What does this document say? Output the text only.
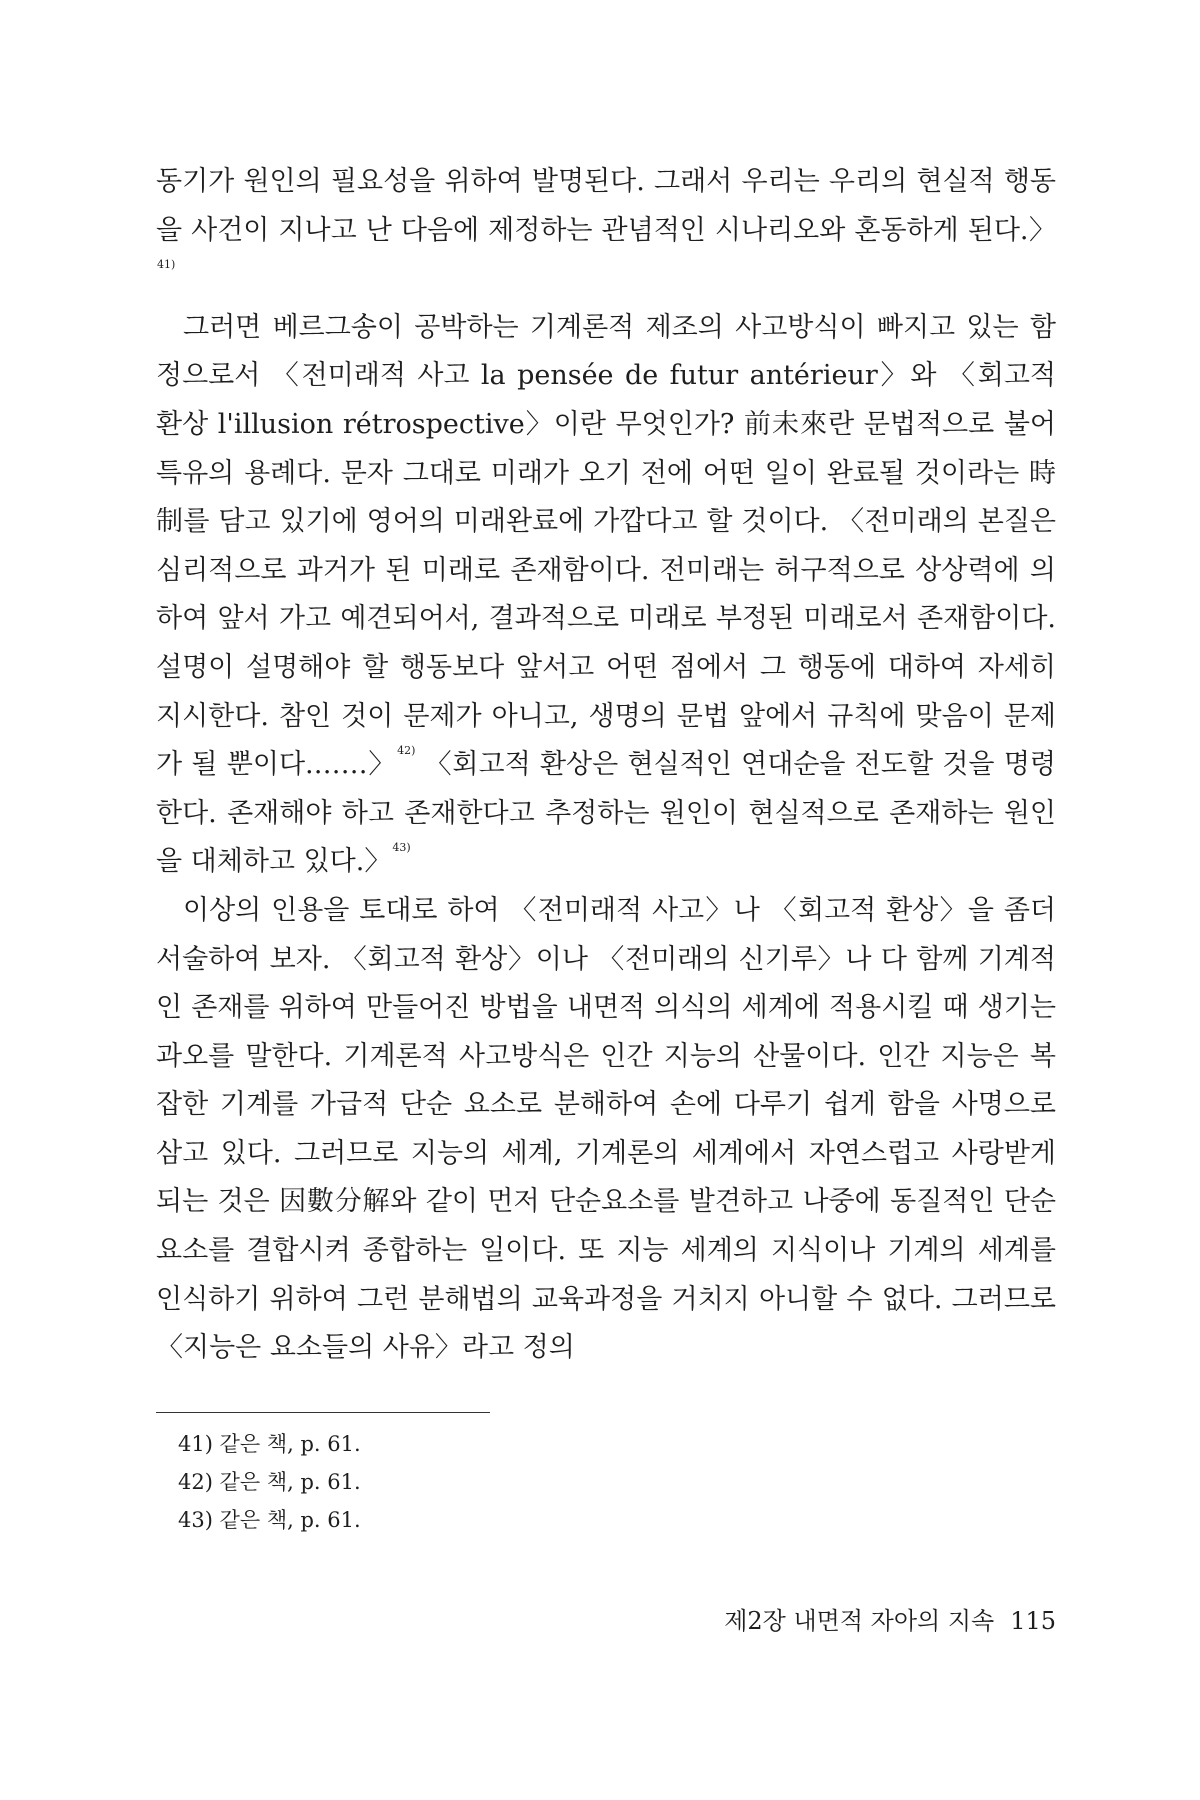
동기가 원인의 필요성을 위하여 발명된다. 그래서 우리는 우리의 현실적 행동을 사건이 지나고 난 다음에 제정하는 관념적인 시나리오와 혼동하게 된다.〉$^{41)}$

그러면 베르그송이 공박하는 기계론적 제조의 사고방식이 빠지고 있는 함정으로서 〈전미래적 사고 la pensée de futur antérieur〉와 〈회고적 환상 l'illusion rétrospective〉이란 무엇인가? 前未來란 문법적으로 불어 특유의 용례다. 문자 그대로 미래가 오기 전에 어떤 일이 완료될 것이라는 時制를 담고 있기에 영어의 미래완료에 가깝다고 할 것이다. 〈전미래의 본질은 심리적으로 과거가 된 미래로 존재함이다. 전미래는 허구적으로 상상력에 의하여 앞서 가고 예견되어서, 결과적으로 미래로 부정된 미래로서 존재함이다. 설명이 설명해야 할 행동보다 앞서고 어떤 점에서 그 행동에 대하여 자세히 지시한다. 참인 것이 문제가 아니고, 생명의 문법 앞에서 규칙에 맞음이 문제가 될 뿐이다.……〉$^{42)}$ 〈회고적 환상은 현실적인 연대순을 전도할 것을 명령한다. 존재해야 하고 존재한다고 추정하는 원인이 현실적으로 존재하는 원인을 대체하고 있다.〉$^{43)}$

이상의 인용을 토대로 하여 〈전미래적 사고〉나 〈회고적 환상〉을 좀더 서술하여 보자. 〈회고적 환상〉이나 〈전미래의 신기루〉나 다 함께 기계적인 존재를 위하여 만들어진 방법을 내면적 의식의 세계에 적용시킬 때 생기는 과오를 말한다. 기계론적 사고방식은 인간 지능의 산물이다. 인간 지능은 복잡한 기계를 가급적 단순 요소로 분해하여 손에 다루기 쉽게 함을 사명으로 삼고 있다. 그러므로 지능의 세계, 기계론의 세계에서 자연스럽고 사랑받게 되는 것은 因數分解와 같이 먼저 단순요소를 발견하고 나중에 동질적인 단순 요소를 결합시켜 종합하는 일이다. 또 지능 세계의 지식이나 기계의 세계를 인식하기 위하여 그런 분해법의 교육과정을 거치지 아니할 수 없다. 그러므로 〈지능은 요소들의 사유〉라고 정의

41) 같은 책, p. 61.
42) 같은 책, p. 61.
43) 같은 책, p. 61.
제2장 내면적 자아의 지속 115
